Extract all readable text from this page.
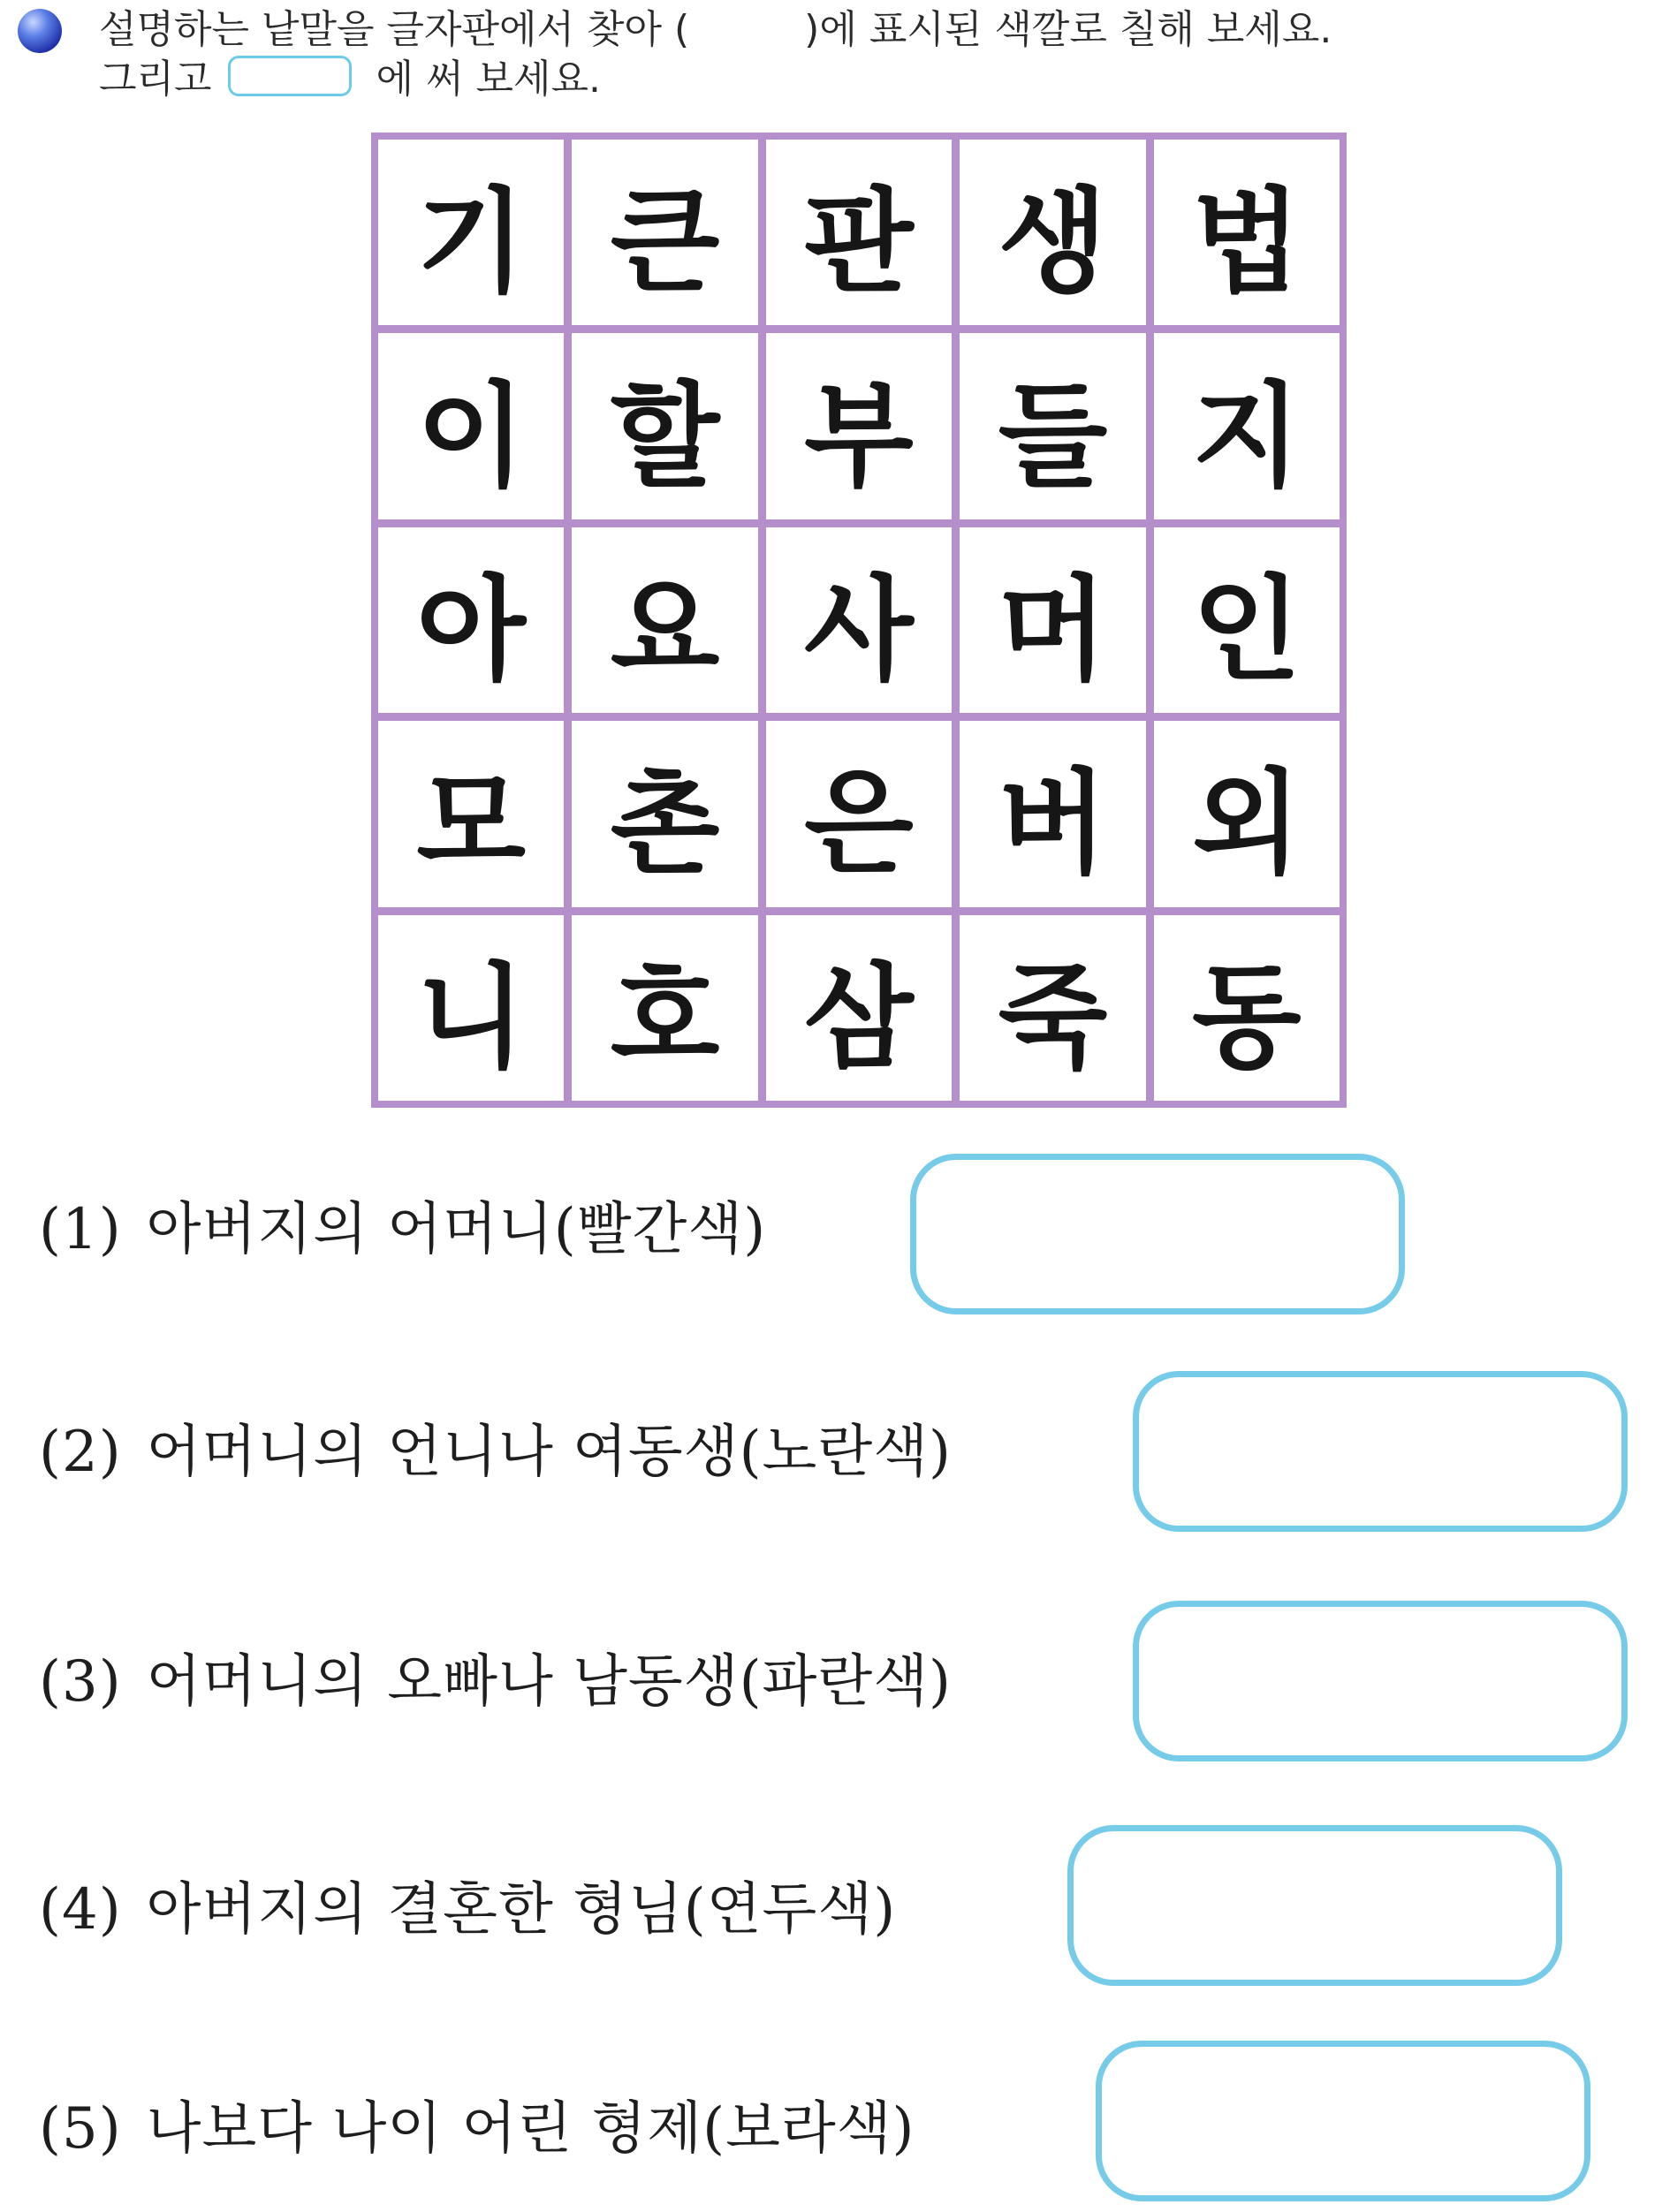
설명하는 낱말을 글자판에서 찾아 (	)에 표시된 색깔로 칠해 보세요.
그리고	에 써 보세요.
기 큰 판 생 법
이 할 부 들 지
아 요 사 머 인
모 촌 은 버 외
니 호 삼 죽 동
(1) 아버지의 어머니(빨간색)
(2) 어머니의 언니나 여동생(노란색)
(3) 어머니의 오빠나 남동생(파란색)
(4) 아버지의 결혼한 형님(연두색)
(5) 나보다 나이 어린 형제(보라색)
